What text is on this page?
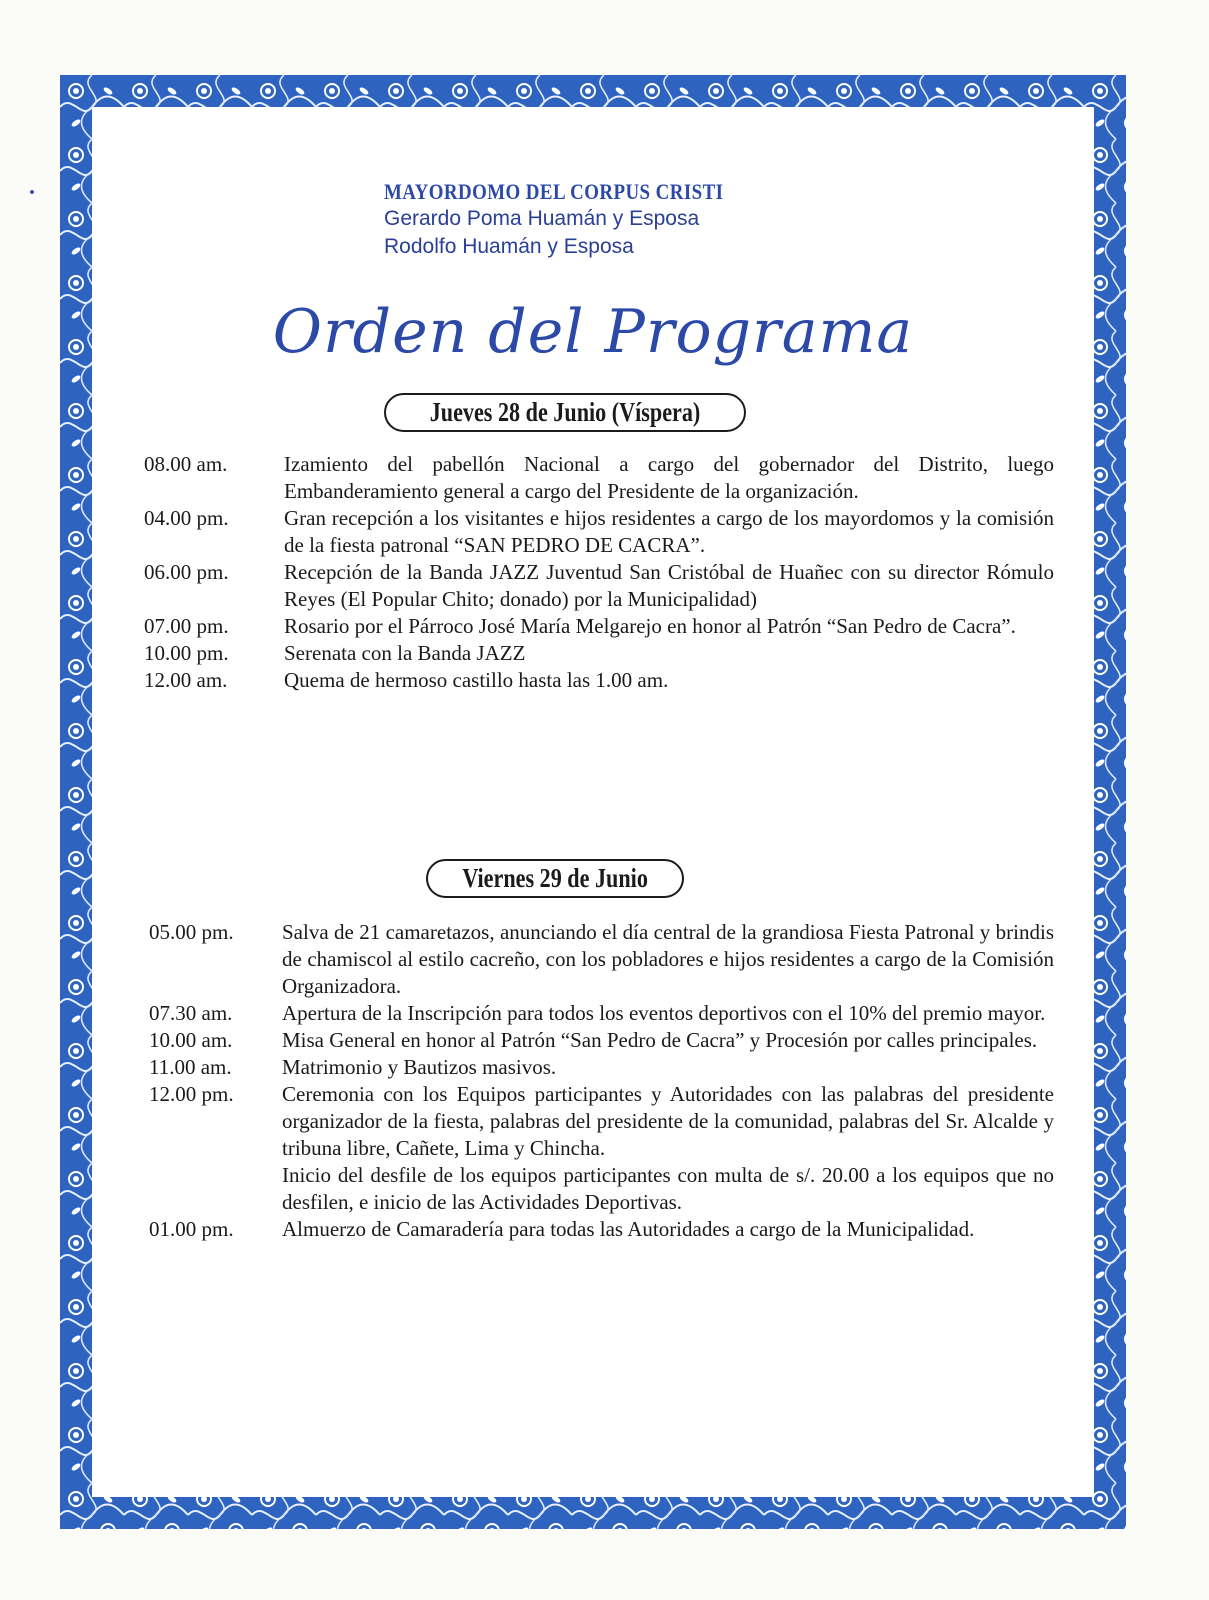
MAYORDOMO DEL CORPUS CRISTI
Gerardo Poma Huamán y Esposa
Rodolfo Huamán y Esposa
Orden del Programa
Jueves 28 de Junio (Víspera)
08.00 am.	Izamiento del pabellón Nacional a cargo del gobernador del Distrito, luego Embanderamiento general a cargo del Presidente de la organización.
04.00 pm.	Gran recepción a los visitantes e hijos residentes a cargo de los mayordomos y la comisión de la fiesta patronal “SAN PEDRO DE CACRA”.
06.00 pm.	Recepción de la Banda JAZZ Juventud San Cristóbal de Huañec con su director Rómulo Reyes (El Popular Chito; donado) por la Municipalidad)
07.00 pm.	Rosario por el Párroco José María Melgarejo en honor al Patrón “San Pedro de Cacra”.
10.00 pm.	Serenata con la Banda JAZZ
12.00 am.	Quema de hermoso castillo hasta las 1.00 am.
Viernes 29 de Junio
05.00 pm.	Salva de 21 camaretazos, anunciando el día central de la grandiosa Fiesta Patronal y brindis de chamiscol al estilo cacreño, con los pobladores e hijos residentes a cargo de la Comisión Organizadora.
07.30 am.	Apertura de la Inscripción para todos los eventos deportivos con el 10% del premio mayor.
10.00 am.	Misa General en honor al Patrón “San Pedro de Cacra” y Procesión por calles principales.
11.00 am.	Matrimonio y Bautizos masivos.
12.00 pm.	Ceremonia con los Equipos participantes y Autoridades con las palabras del presidente organizador de la fiesta, palabras del presidente de la comunidad, palabras del Sr. Alcalde y tribuna libre, Cañete, Lima y Chincha.
Inicio del desfile de los equipos participantes con multa de s/. 20.00 a los equipos que no desfilen, e inicio de las Actividades Deportivas.
01.00 pm.	Almuerzo de Camaradería para todas las Autoridades a cargo de la Municipalidad.
